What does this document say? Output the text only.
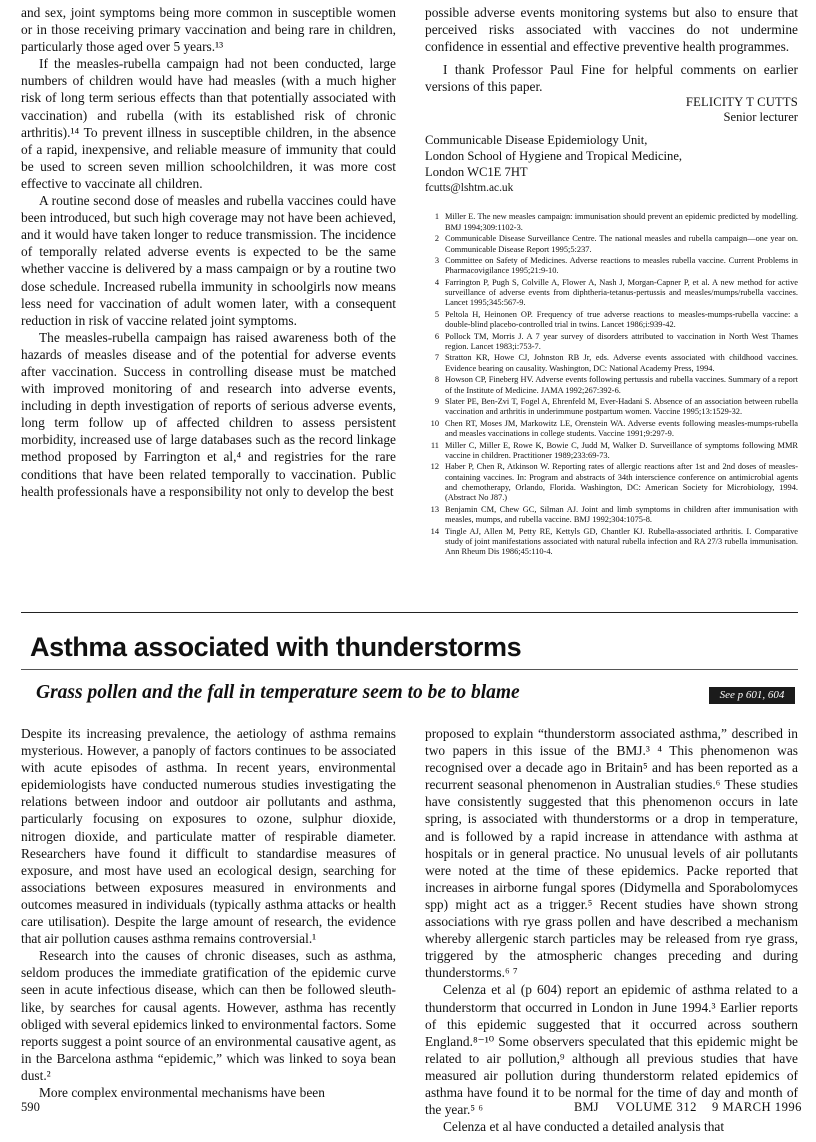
and sex, joint symptoms being more common in susceptible women or in those receiving primary vaccination and being rare in children, particularly those aged over 5 years.¹³

If the measles-rubella campaign had not been conducted, large numbers of children would have had measles (with a much higher risk of long term serious effects than that potentially associated with vaccination) and rubella (with its established risk of chronic arthritis).¹⁴ To prevent illness in susceptible children, in the absence of a rapid, inexpensive, and reliable measure of immunity that could be used to screen seven million schoolchildren, it was more cost effective to vaccinate all children.

A routine second dose of measles and rubella vaccines could have been introduced, but such high coverage may not have been achieved, and it would have taken longer to reduce transmission. The incidence of temporally related adverse events is expected to be the same whether vaccine is delivered by a mass campaign or by a routine two dose schedule. Increased rubella immunity in schoolgirls now means less need for vaccination of adult women later, with a consequent reduction in risk of vaccine related joint symptoms.

The measles-rubella campaign has raised awareness both of the hazards of measles disease and of the potential for adverse events after vaccination. Success in controlling disease must be matched with improved monitoring of and research into adverse events, including in depth investigation of reports of serious adverse events, long term follow up of affected children to assess persistent morbidity, increased use of large databases such as the record linkage method proposed by Farrington et al,⁴ and registries for the rare conditions that have been related temporally to vaccination. Public health professionals have a responsibility not only to develop the best

possible adverse events monitoring systems but also to ensure that perceived risks associated with vaccines do not undermine confidence in essential and effective preventive health programmes.

I thank Professor Paul Fine for helpful comments on earlier versions of this paper.

FELICITY T CUTTS
Senior lecturer
Communicable Disease Epidemiology Unit,
London School of Hygiene and Tropical Medicine,
London WC1E 7HT
fcutts@lshtm.ac.uk
1 Miller E. The new measles campaign: immunisation should prevent an epidemic predicted by modelling. BMJ 1994;309:1102-3.
2 Communicable Disease Surveillance Centre. The national measles and rubella campaign—one year on. Communicable Disease Report 1995;5:237.
3 Committee on Safety of Medicines. Adverse reactions to measles rubella vaccine. Current Problems in Pharmacovigilance 1995;21:9-10.
4 Farrington P, Pugh S, Colville A, Flower A, Nash J, Morgan-Capner P, et al. A new method for active surveillance of adverse events from diphtheria-tetanus-pertussis and measles/mumps/rubella vaccines. Lancet 1995;345:567-9.
5 Peltola H, Heinonen OP. Frequency of true adverse reactions to measles-mumps-rubella vaccine: a double-blind placebo-controlled trial in twins. Lancet 1986;i:939-42.
6 Pollock TM, Morris J. A 7 year survey of disorders attributed to vaccination in North West Thames region. Lancet 1983;i:753-7.
7 Stratton KR, Howe CJ, Johnston RB Jr, eds. Adverse events associated with childhood vaccines. Evidence bearing on causality. Washington, DC: National Academy Press, 1994.
8 Howson CP, Fineberg HV. Adverse events following pertussis and rubella vaccines. Summary of a report of the Institute of Medicine. JAMA 1992;267:392-6.
9 Slater PE, Ben-Zvi T, Fogel A, Ehrenfeld M, Ever-Hadani S. Absence of an association between rubella vaccination and arthritis in underimmune postpartum women. Vaccine 1995;13:1529-32.
10 Chen RT, Moses JM, Markowitz LE, Orenstein WA. Adverse events following measles-mumps-rubella and measles vaccinations in college students. Vaccine 1991;9:297-9.
11 Miller C, Miller E, Rowe K, Bowie C, Judd M, Walker D. Surveillance of symptoms following MMR vaccine in children. Practitioner 1989;233:69-73.
12 Haber P, Chen R, Atkinson W. Reporting rates of allergic reactions after 1st and 2nd doses of measles-containing vaccines. In: Program and abstracts of 34th interscience conference on antimicrobial agents and chemotherapy, Orlando, Florida. Washington, DC: American Society for Microbiology, 1994. (Abstract No J87.)
13 Benjamin CM, Chew GC, Silman AJ. Joint and limb symptoms in children after immunisation with measles, mumps, and rubella vaccine. BMJ 1992;304:1075-8.
14 Tingle AJ, Allen M, Petty RE, Kettyls GD, Chantler KJ. Rubella-associated arthritis. I. Comparative study of joint manifestations associated with natural rubella infection and RA 27/3 rubella immunisation. Ann Rheum Dis 1986;45:110-4.
Asthma associated with thunderstorms
Grass pollen and the fall in temperature seem to be to blame	See p 601, 604

Despite its increasing prevalence, the aetiology of asthma remains mysterious. However, a panoply of factors continues to be associated with acute episodes of asthma. In recent years, environmental epidemiologists have conducted numerous studies investigating the relations between indoor and outdoor air pollutants and asthma, particularly focusing on exposures to ozone, sulphur dioxide, nitrogen dioxide, and particulate matter of respirable diameter. Researchers have found it difficult to standardise measures of exposure, and most have used an ecological design, searching for associations between exposures measured in environments and outcomes measured in individuals (typically asthma attacks or health care utilisation). Despite the large amount of research, the evidence that air pollution causes asthma remains controversial.¹

Research into the causes of chronic diseases, such as asthma, seldom produces the immediate gratification of the epidemic curve seen in acute infectious disease, which can then be followed sleuth-like, by searches for causal agents. However, asthma has recently obliged with several epidemics linked to environmental factors. Some reports suggest a point source of an environmental causative agent, as in the Barcelona asthma “epidemic,” which was linked to soya bean dust.²

More complex environmental mechanisms have been

proposed to explain “thunderstorm associated asthma,” described in two papers in this issue of the BMJ.³ ⁴ This phenomenon was recognised over a decade ago in Britain⁵ and has been reported as a recurrent seasonal phenomenon in Australian studies.⁶ These studies have consistently suggested that this phenomenon occurs in late spring, is associated with thunderstorms or a drop in temperature, and is followed by a rapid increase in attendance with asthma at hospitals or in general practice. No unusual levels of air pollutants were noted at the time of these epidemics. Packe reported that increases in airborne fungal spores (Didymella and Sporabolomyces spp) might act as a trigger.⁵ Recent studies have shown strong associations with rye grass pollen and have described a mechanism whereby allergenic starch particles may be released from rye grass, triggered by the atmospheric changes preceding and during thunderstorms.⁶ ⁷

Celenza et al (p 604) report an epidemic of asthma related to a thunderstorm that occurred in London in June 1994.³ Earlier reports of this epidemic suggested that it occurred across southern England.⁸⁻¹⁰ Some observers speculated that this epidemic might be related to air pollution,⁹ although all previous studies that have measured air pollution during thunderstorm related epidemics of asthma have found it to be normal for the time of day and month of the year.⁵ ⁶

Celenza et al have conducted a detailed analysis that

590	BMJ VOLUME 312 9 MARCH 1996
